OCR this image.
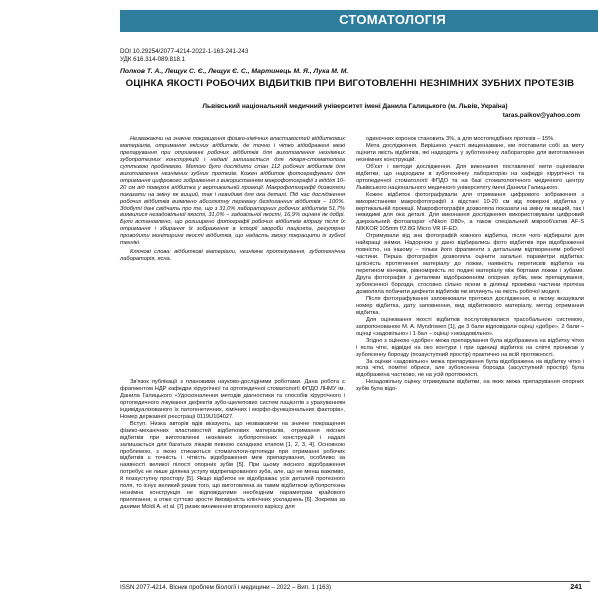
СТОМАТОЛОГІЯ
DOI 10.29254/2077-4214-2022-1-163-241-243
УДК 616.314-089.818.1
Полков Т. А., Лещук С. Є., Лещук Є. С., Мартинець М. Я., Лука М. М.
ОЦІНКА ЯКОСТІ РОБОЧИХ ВІДБИТКІВ ПРИ ВИГОТОВЛЕННІ НЕЗНІМНИХ ЗУБНИХ ПРОТЕЗІВ
Львівський національний медичний університет імені Данила Галицького (м. Львів, Україна)
taras.paikov@yahoo.com

Незважаючи на значне покращення фізико-хімічних властивостей відбиткових матеріалів, отримання якісних відбитків, де точно і чітко відображені межі препарування при отриманні робочих відбитків для виготовлення незнімних зубопротезних конструкцій і надалі залишається для лікаря-стоматолога суттєвою проблемою. Метою було дослідити стан 112 робочих відбитків для виготовлення незнімних зубних протезів. Кожен відбиток фотографували для отримання цифрового зображення з використанням макрофотографії з відділі 10-20 см від поверхні відбитка у вертикальній проекції. Макрофотографії дозволяли показати на зміну як вищий, так і невидимі для ока деталі. Під час дослідження робочих відбитків виявлено абсолютну перевагу бездоганних відбитків – 100%. Здобуті дані свідчать про те, що з 31,0% лабораторних робочих відбитків 51,7% виявилися незадовільної якості, 31,0% – задовільної якості, 16,9% оцінені як добрі. Було встановлено, що розширено фотографії робочих відбитків відразу після їх отримання і збирання їх зображення в історії хвороби пацієнта, регулярно проводити моніторинг якості відбитків, що надасть змогу покращити їх зубної технікі.

Ключові слова: відбиткові матеріали, незнімне протезування, зуботехнічна лабораторія, ясна.

Зв'язок публікації з плановими науково-дослідними роботами. Дана робота є фрагментом НДР кафедри хірургічної та ортопедичної стоматології ФПДО ЛНМУ ім. Данила Галицького «Удосконалення методів діагностики та способів хірургічного і ортопедичного лікування дефектів зубо-щелепових систем пацієнтів з урахуванням індивідуалізованого їх патогенетичних, хімічних і морфо-функціональних факторів», Номер державної реєстрації 0119U104027.

Вступ. Низка авторів вдів вказують, що незважаючи на значне покращення фізико-механічних властивостей відбиткових матеріалів, отримання якісних відбитків при виготовленні незнімних зубопротезних конструкцій і надалі залишається для багатьох лікарів певною складною етапом [1, 2, 3, 4]. Основною проблемою, з якою стикаються стоматологи-ортопеди при отриманні робочих відбитків є точність і чіткість відображення меж препарування, особливо за наявності великої пілості опорних зубів [5]. При цьому якісного відображення потребує не лише ділянка уступу відпрепарованого зуба, але, що не менш важливо, й позауступну простору [5]. Якщо відбиток не відображає усіх деталей протезного поля, то існує великий ризик того, що виготовлена за таким відбитком зубопротезна незнімна конструкція не відповідатиме необхідним параметрам крайового прилягання, а отже суттєво зросте ймовірність клінічних ускладнень [6]. Зокрема за даними Moldi A. et al. [7] ризик виникнення вторинного карієсу для

одиночних коронок становить 3%, а для мостоподібних протезів – 15%.

Мета дослідження. Вирішено участі вищеназване, ми поставили собі за мету оцінити якість відбитків, які надходять у зуботехнічну лабораторію для виготовлення незнімних конструкцій.

Об'єкт і методи дослідження. Для виконання поставленої мети оцінювали відбитки, що надходили в зуботехнічну лабораторію на кафедрі хірургічної та ортопедичної стоматології ФПДО та на базі стоматологічного медичного центру Львівського національного медичного університету імені Данила Галицького.

Кожен відбиток фотографували для отримання цифрового зображення з використанням макрофотографії з відстані 10-20 см від поверхні відбитка у вертикальній проекції. Макрофотографія дозволяла показати на зміну як вищий, так і невидимі для ока деталі. Для виконання дослідження використовували цифровий дзеркальний фотоапарат «Nikon D80», а також спеціальний мікрооб'єктив AF-S NIKKOR 105mm f/2.8G Micro VR IF-ED.

Отримували від зна фотографій кожного відбитка, після чого відбирали для найкращі знімки. Надорною у дано відбирались фото відбитків при відображенні повністю, на іншому – тільки його фрагменти з детальним відтворенням робочої частини. Перша фотографія дозволяла оцінити загальні параметри відбитка: цілісність протягнення матеріалу до ложки, наявність перетисків відбитка на перетином кінчиків, рівномірність по подачі матеріалу між бортами ложки і зубами. Друга фотографія з деталями відображенням опорних зубів, меж препарування, зубоясенної борозди, стосовно сільно ясени в ділянці проміжка частини протеза дозволяла побачити дефекти відбитків які вплинуть на якість робочої моделі.

Після фотографування заповнювали протокол дослідження, в якому вказували номер відбитка, дату заповнення, вид відбиткового матеріалу, метод отримання відбитка.

Для оцінювання якості відбитків послуговувалися трасобальною системою, запропонованою M. A. Myndrowen [1], де 3 бали відповідали оцінці «добре», 2 бали – оцінці «задовільно» і 1 бал – оцінці «незадовільно».

Згідно з оцінкою «добре» межа препарування була відображена на відбитку чітко і ясла чіткі, відвідні на око контури і при одиниці відбитка на сліпчі проникав у зубоясенну борозду (позауступний простір) практично на всій протяжності.

За оцінки «задовільно» межа препарування була відображена на відбитку чітко і ясла чіткі, помітні обриси, але зубоясенна борозда (засуступний простір) була відображена частково, не на усій протяжності.

Незадовільну оцінку отримували відбитки, на яких межа препарування опорних зубів була відо-

ISSN 2077-4214. Вісник проблем біології і медицини – 2022 – Вип. 1 (163)	241
